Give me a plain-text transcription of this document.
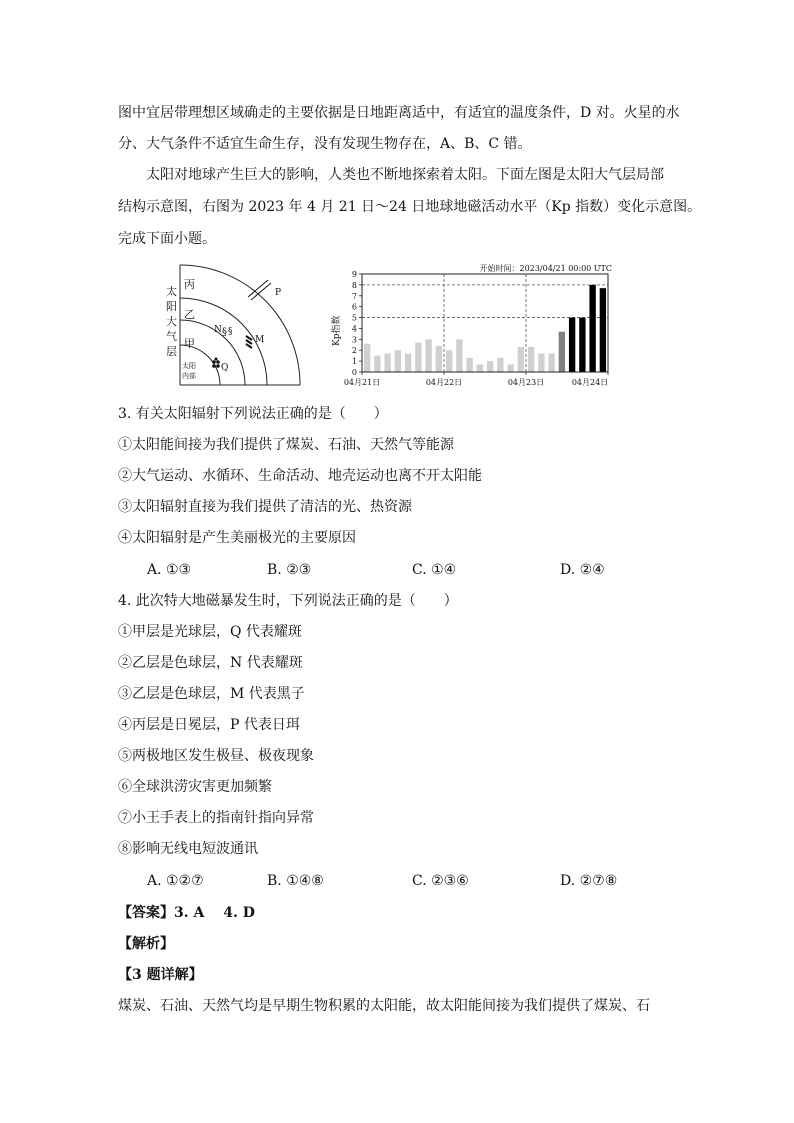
图中宜居带理想区域确走的主要依据是日地距离适中，有适宜的温度条件，D 对。火星的水
分、大气条件不适宜生命生存，没有发现生物存在，A、B、C 错。
太阳对地球产生巨大的影响，人类也不断地探索着太阳。下面左图是太阳大气层局部
结构示意图，右图为 2023 年 4 月 21 日～24 日地球地磁活动水平（Kp 指数）变化示意图。
完成下面小题。
丙
乙
甲
太阳
内部
N § §
M
Q
P
太
阳
大
气
层
开始时间：2023/04/21 00:00 UTC
0
1
2
3
4
5
6
7
8
9
04月21日	04月22日	04月23日	04月24日
Kp指数
3. 有关太阳辐射下列说法正确的是（　　）
①太阳能间接为我们提供了煤炭、石油、天然气等能源
②大气运动、水循环、生命活动、地壳运动也离不开太阳能
③太阳辐射直接为我们提供了清洁的光、热资源
④太阳辐射是产生美丽极光的主要原因
A. ①③	B. ②③	C. ①④	D. ②④
4. 此次特大地磁暴发生时，下列说法正确的是（　　）
①甲层是光球层，Q 代表耀斑
②乙层是色球层，N 代表耀斑
③乙层是色球层，M 代表黑子
④丙层是日冕层，P 代表日珥
⑤两极地区发生极昼、极夜现象
⑥全球洪涝灾害更加频繁
⑦小王手表上的指南针指向异常
⑧影响无线电短波通讯
A. ①②⑦	B. ①④⑧	C. ②③⑥	D. ②⑦⑧
【答案】3. A　 4. D
【解析】
【3 题详解】
煤炭、石油、天然气均是早期生物积累的太阳能，故太阳能间接为我们提供了煤炭、石
